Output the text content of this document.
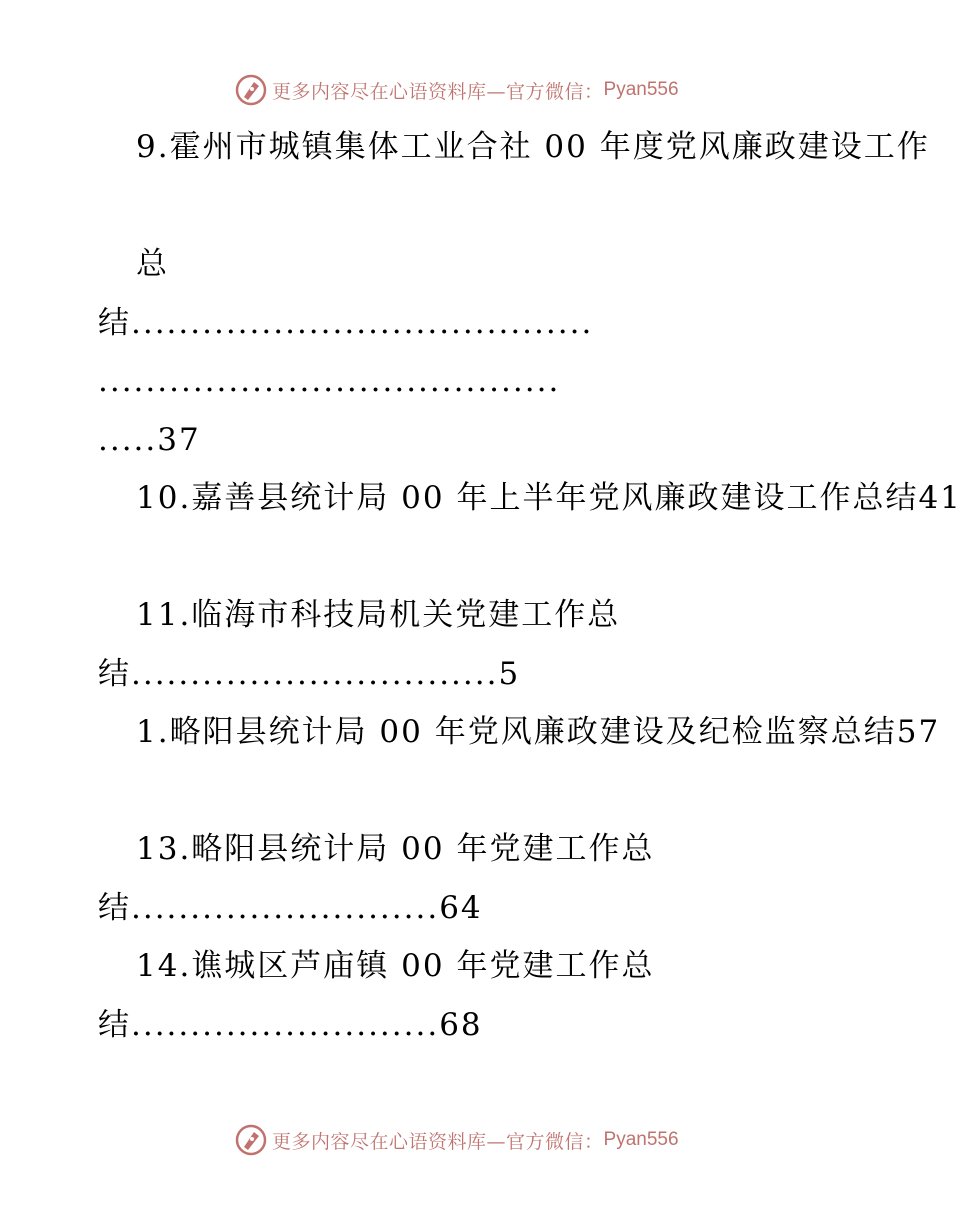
更多内容尽在心语资料库—官方微信： Pyan556
9.霍州市城镇集体工业合社 00 年度党风廉政建设工作
总
结.......................................
.......................................
.....37
10.嘉善县统计局 00 年上半年党风廉政建设工作总结41
11.临海市科技局机关党建工作总
结...............................5
1.略阳县统计局 00 年党风廉政建设及纪检监察总结57
13.略阳县统计局 00 年党建工作总
结..........................64
14.谯城区芦庙镇 00 年党建工作总
结..........................68
更多内容尽在心语资料库—官方微信： Pyan556
